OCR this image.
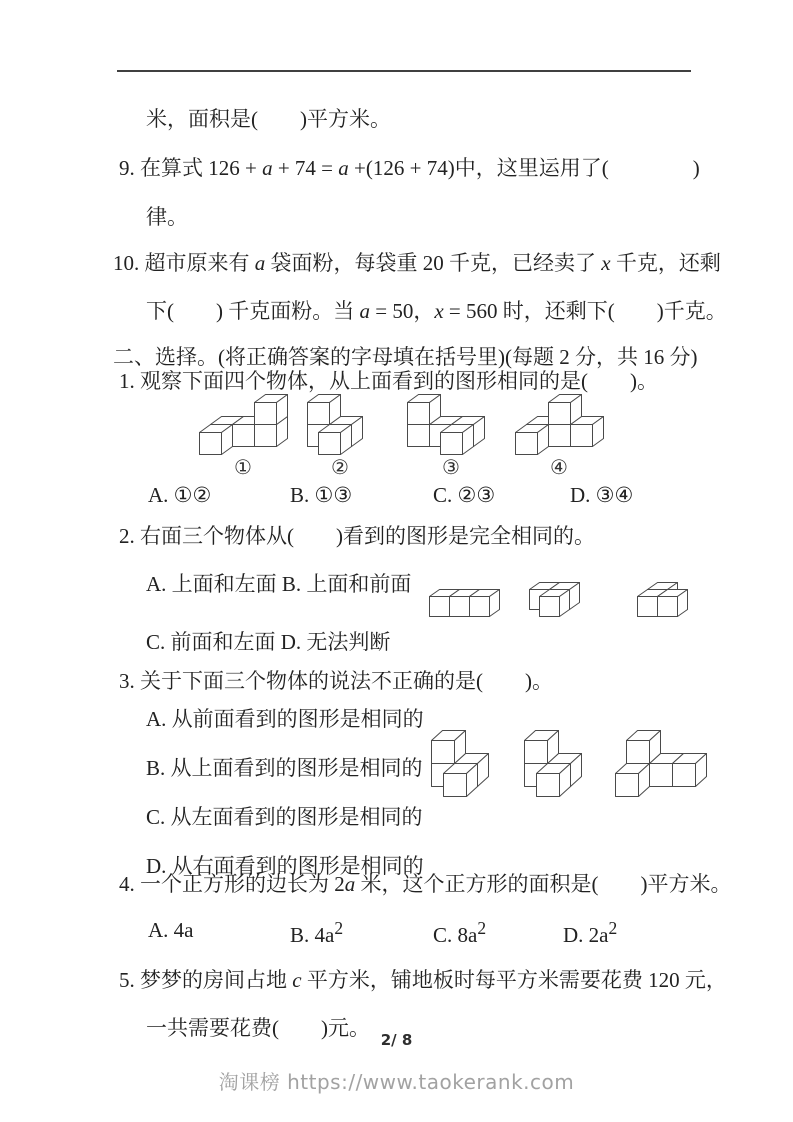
米，面积是(　　)平方米。
9. 在算式 126 + a + 74 = a +(126 + 74)中，这里运用了(　　　　)
律。
10. 超市原来有 a 袋面粉，每袋重 20 千克，已经卖了 x 千克，还剩
下(　　) 千克面粉。当 a = 50，x = 560 时，还剩下(　　)千克。
二、选择。(将正确答案的字母填在括号里)(每题 2 分，共 16 分)
1. 观察下面四个物体，从上面看到的图形相同的是(　　)。
①	②	③	④
A. ①②	B. ①③	C. ②③	D. ③④
2. 右面三个物体从(　　)看到的图形是完全相同的。
A. 上面和左面 B. 上面和前面
C. 前面和左面 D. 无法判断
3. 关于下面三个物体的说法不正确的是(　　)。
A. 从前面看到的图形是相同的
B. 从上面看到的图形是相同的
C. 从左面看到的图形是相同的
D. 从右面看到的图形是相同的
4. 一个正方形的边长为 2a 米，这个正方形的面积是(　　)平方米。
A. 4a	B. $4a^2$	C. $8a^2$	D. $2a^2$
5. 梦梦的房间占地 c 平方米，铺地板时每平方米需要花费 120 元，
一共需要花费(　　)元。 2/ 8
淘课榜 https://www.taokerank.com
